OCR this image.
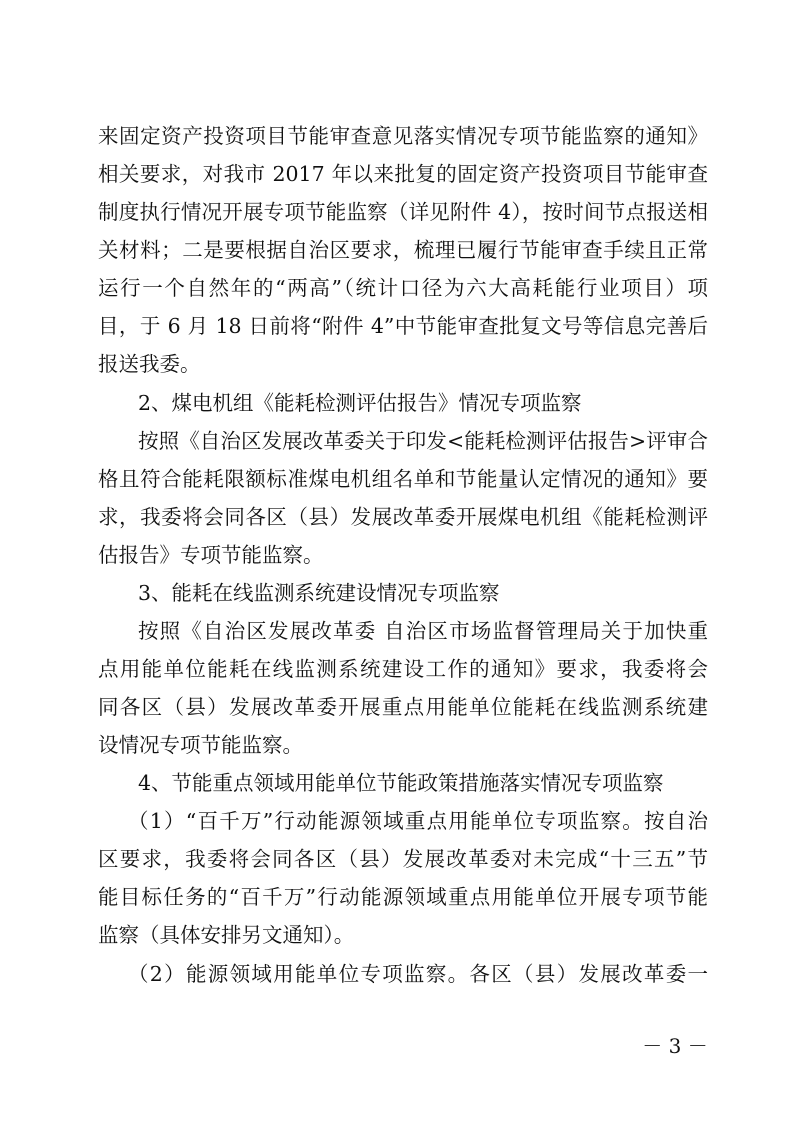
来固定资产投资项目节能审查意见落实情况专项节能监察的通知》

相关要求，对我市 2017 年以来批复的固定资产投资项目节能审查

制度执行情况开展专项节能监察（详见附件 4），按时间节点报送相

关材料；二是要根据自治区要求，梳理已履行节能审查手续且正常

运行一个自然年的“两高”（统计口径为六大高耗能行业项目）项

目，于 6 月 18 日前将“附件 4”中节能审查批复文号等信息完善后

报送我委。

2、煤电机组《能耗检测评估报告》情况专项监察

按照《自治区发展改革委关于印发<能耗检测评估报告>评审合

格且符合能耗限额标准煤电机组名单和节能量认定情况的通知》要

求，我委将会同各区（县）发展改革委开展煤电机组《能耗检测评

估报告》专项节能监察。

3、能耗在线监测系统建设情况专项监察

按照《自治区发展改革委 自治区市场监督管理局关于加快重

点用能单位能耗在线监测系统建设工作的通知》要求，我委将会

同各区（县）发展改革委开展重点用能单位能耗在线监测系统建

设情况专项节能监察。

4、节能重点领域用能单位节能政策措施落实情况专项监察

（1）“百千万”行动能源领域重点用能单位专项监察。按自治

区要求，我委将会同各区（县）发展改革委对未完成“十三五”节

能目标任务的“百千万”行动能源领域重点用能单位开展专项节能

监察（具体安排另文通知）。

（2）能源领域用能单位专项监察。各区（县）发展改革委一

－ 3 －
